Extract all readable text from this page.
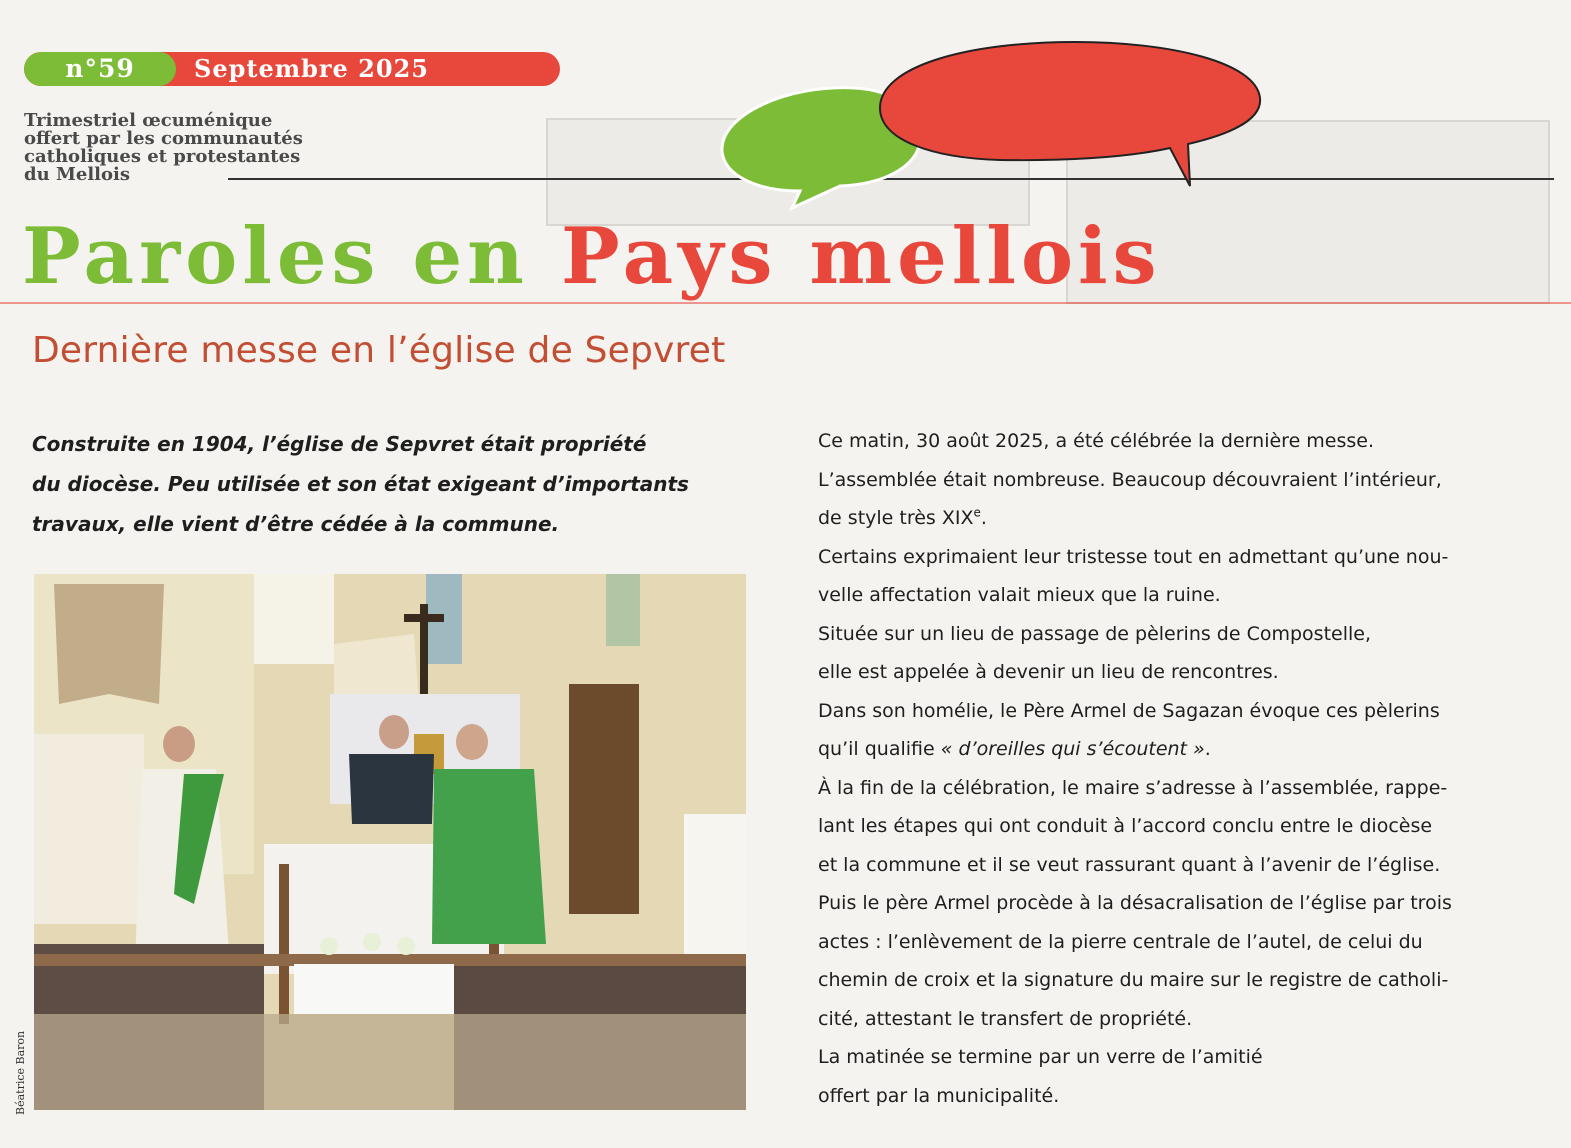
n°59	Septembre 2025
Trimestriel œcuménique
offert par les communautés
catholiques et protestantes
du Mellois
Paroles en Pays mellois
Dernière messe en l’église de Sepvret
Construite en 1904, l’église de Sepvret était propriété
du diocèse. Peu utilisée et son état exigeant d’importants
travaux, elle vient d’être cédée à la commune.
Béatrice Baron
Ce matin, 30 août 2025, a été célébrée la dernière messe.
L’assemblée était nombreuse. Beaucoup découvraient l’intérieur,
de style très XIXe.
Certains exprimaient leur tristesse tout en admettant qu’une nou-
velle affectation valait mieux que la ruine.
Située sur un lieu de passage de pèlerins de Compostelle,
elle est appelée à devenir un lieu de rencontres.
Dans son homélie, le Père Armel de Sagazan évoque ces pèlerins
qu’il qualifie « d’oreilles qui s’écoutent ».
À la fin de la célébration, le maire s’adresse à l’assemblée, rappe-
lant les étapes qui ont conduit à l’accord conclu entre le diocèse
et la commune et il se veut rassurant quant à l’avenir de l’église.
Puis le père Armel procède à la désacralisation de l’église par trois
actes : l’enlèvement de la pierre centrale de l’autel, de celui du
chemin de croix et la signature du maire sur le registre de catholi-
cité, attestant le transfert de propriété.
La matinée se termine par un verre de l’amitié
offert par la municipalité.
